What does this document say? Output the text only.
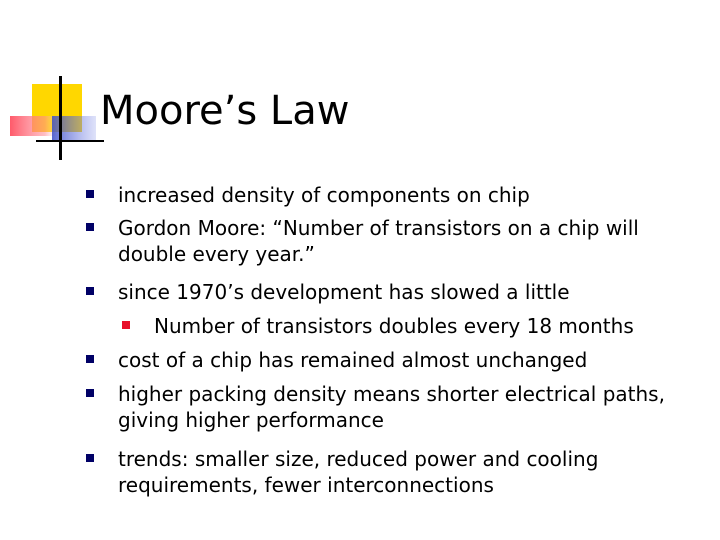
Moore’s Law
increased density of components on chip
Gordon Moore: “Number of transistors on a chip will
double every year.”
since 1970’s development has slowed a little
Number of transistors doubles every 18 months
cost of a chip has remained almost unchanged
higher packing density means shorter electrical paths,
giving higher performance
trends: smaller size, reduced power and cooling
requirements, fewer interconnections
